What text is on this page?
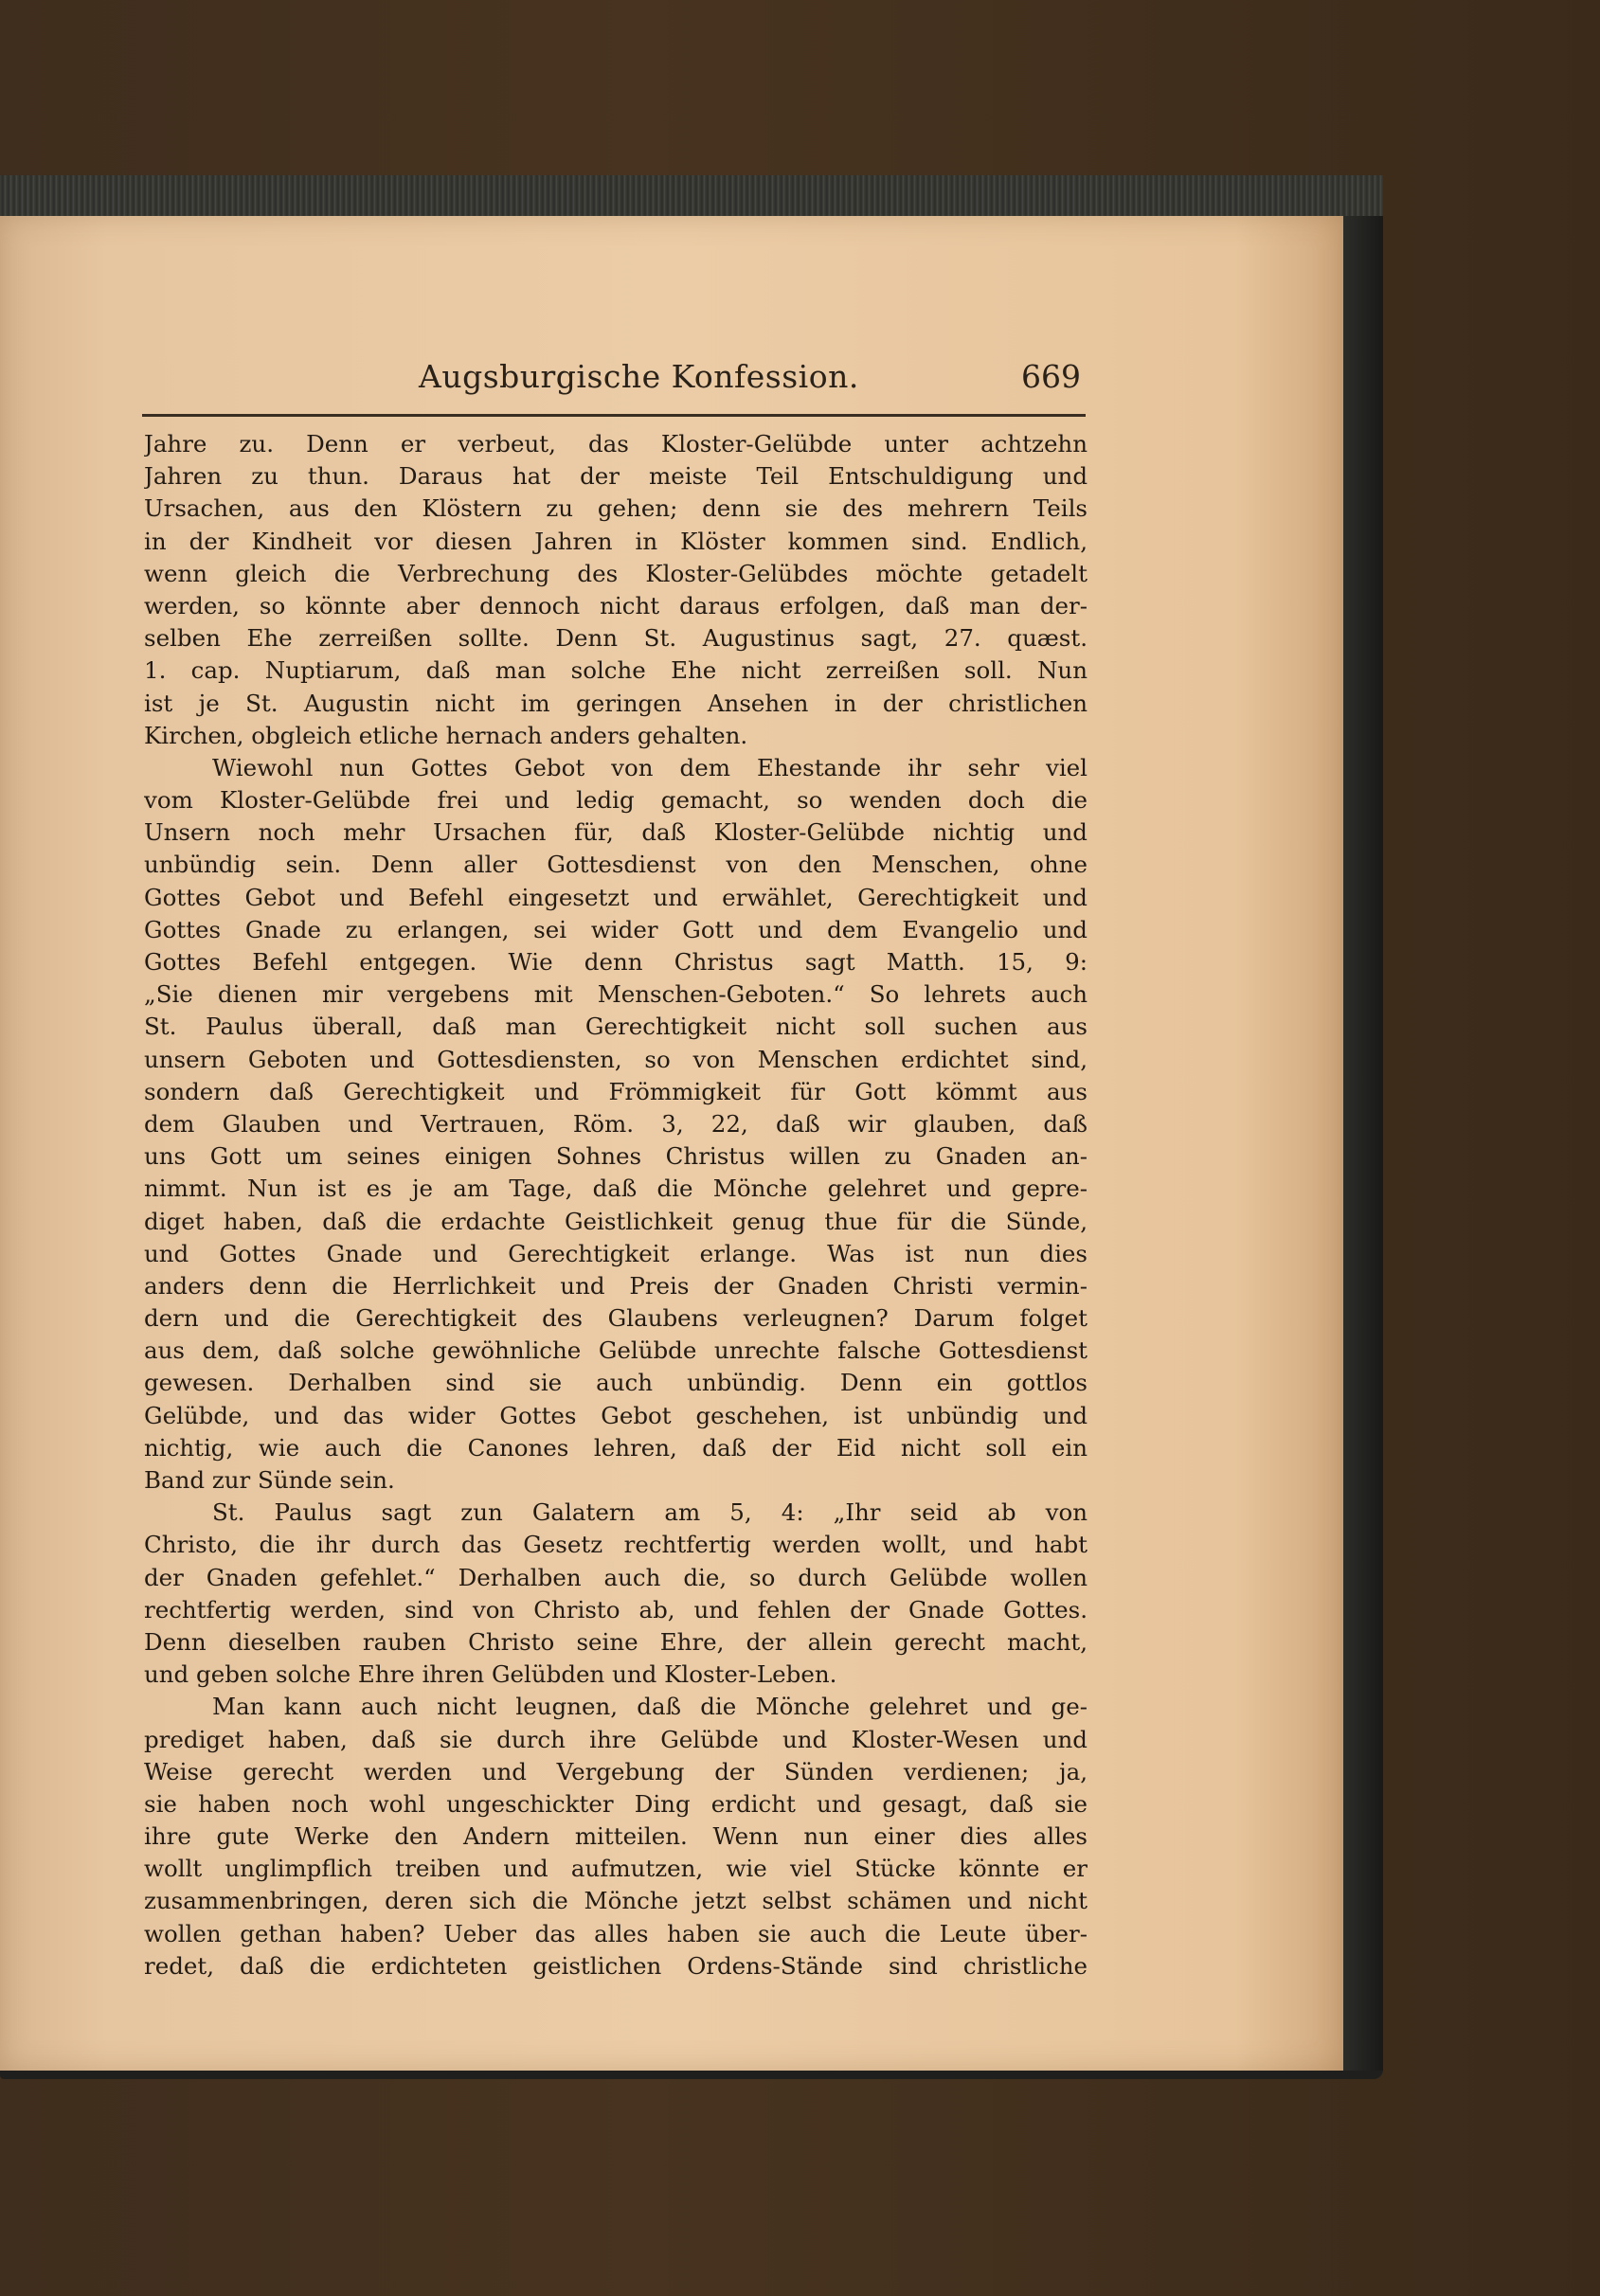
Augsburgische Konfession.	669
Jahre zu. Denn er verbeut, das Kloster-Gelübde unter achtzehn
Jahren zu thun. Daraus hat der meiste Teil Entschuldigung und
Ursachen, aus den Klöstern zu gehen; denn sie des mehrern Teils
in der Kindheit vor diesen Jahren in Klöster kommen sind. Endlich,
wenn gleich die Verbrechung des Kloster-Gelübdes möchte getadelt
werden, so könnte aber dennoch nicht daraus erfolgen, daß man der-
selben Ehe zerreißen sollte. Denn St. Augustinus sagt, 27. quæst.
1. cap. Nuptiarum, daß man solche Ehe nicht zerreißen soll. Nun
ist je St. Augustin nicht im geringen Ansehen in der christlichen
Kirchen, obgleich etliche hernach anders gehalten.
Wiewohl nun Gottes Gebot von dem Ehestande ihr sehr viel
vom Kloster-Gelübde frei und ledig gemacht, so wenden doch die
Unsern noch mehr Ursachen für, daß Kloster-Gelübde nichtig und
unbündig sein. Denn aller Gottesdienst von den Menschen, ohne
Gottes Gebot und Befehl eingesetzt und erwählet, Gerechtigkeit und
Gottes Gnade zu erlangen, sei wider Gott und dem Evangelio und
Gottes Befehl entgegen. Wie denn Christus sagt Matth. 15, 9:
„Sie dienen mir vergebens mit Menschen-Geboten.“ So lehrets auch
St. Paulus überall, daß man Gerechtigkeit nicht soll suchen aus
unsern Geboten und Gottesdiensten, so von Menschen erdichtet sind,
sondern daß Gerechtigkeit und Frömmigkeit für Gott kömmt aus
dem Glauben und Vertrauen, Röm. 3, 22, daß wir glauben, daß
uns Gott um seines einigen Sohnes Christus willen zu Gnaden an-
nimmt. Nun ist es je am Tage, daß die Mönche gelehret und gepre-
diget haben, daß die erdachte Geistlichkeit genug thue für die Sünde,
und Gottes Gnade und Gerechtigkeit erlange. Was ist nun dies
anders denn die Herrlichkeit und Preis der Gnaden Christi vermin-
dern und die Gerechtigkeit des Glaubens verleugnen? Darum folget
aus dem, daß solche gewöhnliche Gelübde unrechte falsche Gottesdienst
gewesen. Derhalben sind sie auch unbündig. Denn ein gottlos
Gelübde, und das wider Gottes Gebot geschehen, ist unbündig und
nichtig, wie auch die Canones lehren, daß der Eid nicht soll ein
Band zur Sünde sein.
St. Paulus sagt zun Galatern am 5, 4: „Ihr seid ab von
Christo, die ihr durch das Gesetz rechtfertig werden wollt, und habt
der Gnaden gefehlet.“ Derhalben auch die, so durch Gelübde wollen
rechtfertig werden, sind von Christo ab, und fehlen der Gnade Gottes.
Denn dieselben rauben Christo seine Ehre, der allein gerecht macht,
und geben solche Ehre ihren Gelübden und Kloster-Leben.
Man kann auch nicht leugnen, daß die Mönche gelehret und ge-
prediget haben, daß sie durch ihre Gelübde und Kloster-Wesen und
Weise gerecht werden und Vergebung der Sünden verdienen; ja,
sie haben noch wohl ungeschickter Ding erdicht und gesagt, daß sie
ihre gute Werke den Andern mitteilen. Wenn nun einer dies alles
wollt unglimpflich treiben und aufmutzen, wie viel Stücke könnte er
zusammenbringen, deren sich die Mönche jetzt selbst schämen und nicht
wollen gethan haben? Ueber das alles haben sie auch die Leute über-
redet, daß die erdichteten geistlichen Ordens-Stände sind christliche
